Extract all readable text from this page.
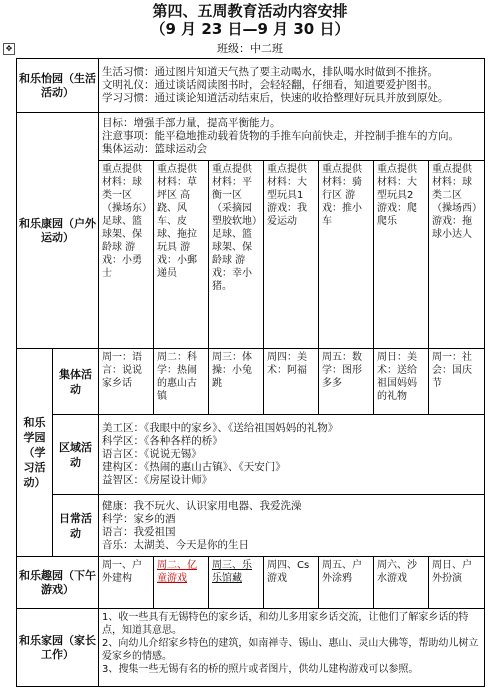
第四、五周教育活动内容安排
（9 月 23 日—9 月 30 日）
✥	班级：中二班
和乐怡园（生活活动）		生活习惯：通过图片知道天气热了要主动喝水，排队喝水时做到不推挤。
文明礼仪：通过谈话阅读图书时，会轻轻翻，仔细看，知道要爱护图书。
学习习惯：通过谈论知道活动结束后，快速的收拾整理好玩具并放到原处。						

和乐康园（户外运动）		目标：增强手部力量，提高平衡能力。
注意事项：能平稳地推动载着货物的手推车向前快走，并控制手推车的方向。
集体运动：篮球运动会						

		重点提供材料：球类一区（操场东）足球、篮球架、保龄球 游戏：小勇士	重点提供材料：草坪区 高跷、风车、皮球、拖拉玩具 游戏：小郵递员	重点提供材料：平衡一区（采摘园塑胶软地）足球、篮球架、保龄球 游戏：幸小猪。	重点提供材料：大型玩具1 游戏：我爱运动	重点提供材料：骑行区 游戏：推小车	重点提供材料：大型玩具2 游戏：爬爬乐	重点提供材料：球类二区（操场西）游戏：拖球小达人
和乐学园（学习活动）	集体活动	周一：语言：说说家乡话	周二：科学：热闹的惠山古镇	周三：体操：小兔跳	周四：美术：阿福	周五：数学：图形多多	周日：美术：送给祖国妈妈的礼物	周一：社会：国庆节
	区域活动	美工区：《我眼中的家乡》、《送给祖国妈妈的礼物》
科学区：《各种各样的桥》
语言区：《说说无锡》
建构区：《热闹的惠山古镇》、《天安门》
益智区：《房屋设计师》						

	日常活动	健康：我不玩火、认识家用电器、我爱洗澡
科学：家乡的酒
语言：我爱祖国
音乐：太湖美、今天是你的生日						

和乐趣园（下午游戏）		周一、户外建构	周二、亿童游戏	周三、乐乐馆藏	周四、Cs 游戏	周五、户外涂鸦	周六、沙水游戏	周日、户外扮演
和乐家园（家长工作）		1、收一些具有无锡特色的家乡话，和幼儿多用家乡话交流，让他们了解家乡话的特点，知道其意思。
2、向幼儿介绍家乡特色的建筑，如南禅寺、锡山、惠山、灵山大佛等，帮助幼儿树立爱家乡的情感。
3、搜集一些无锡有名的桥的照片或者图片，供幼儿建构游戏可以参照。						
